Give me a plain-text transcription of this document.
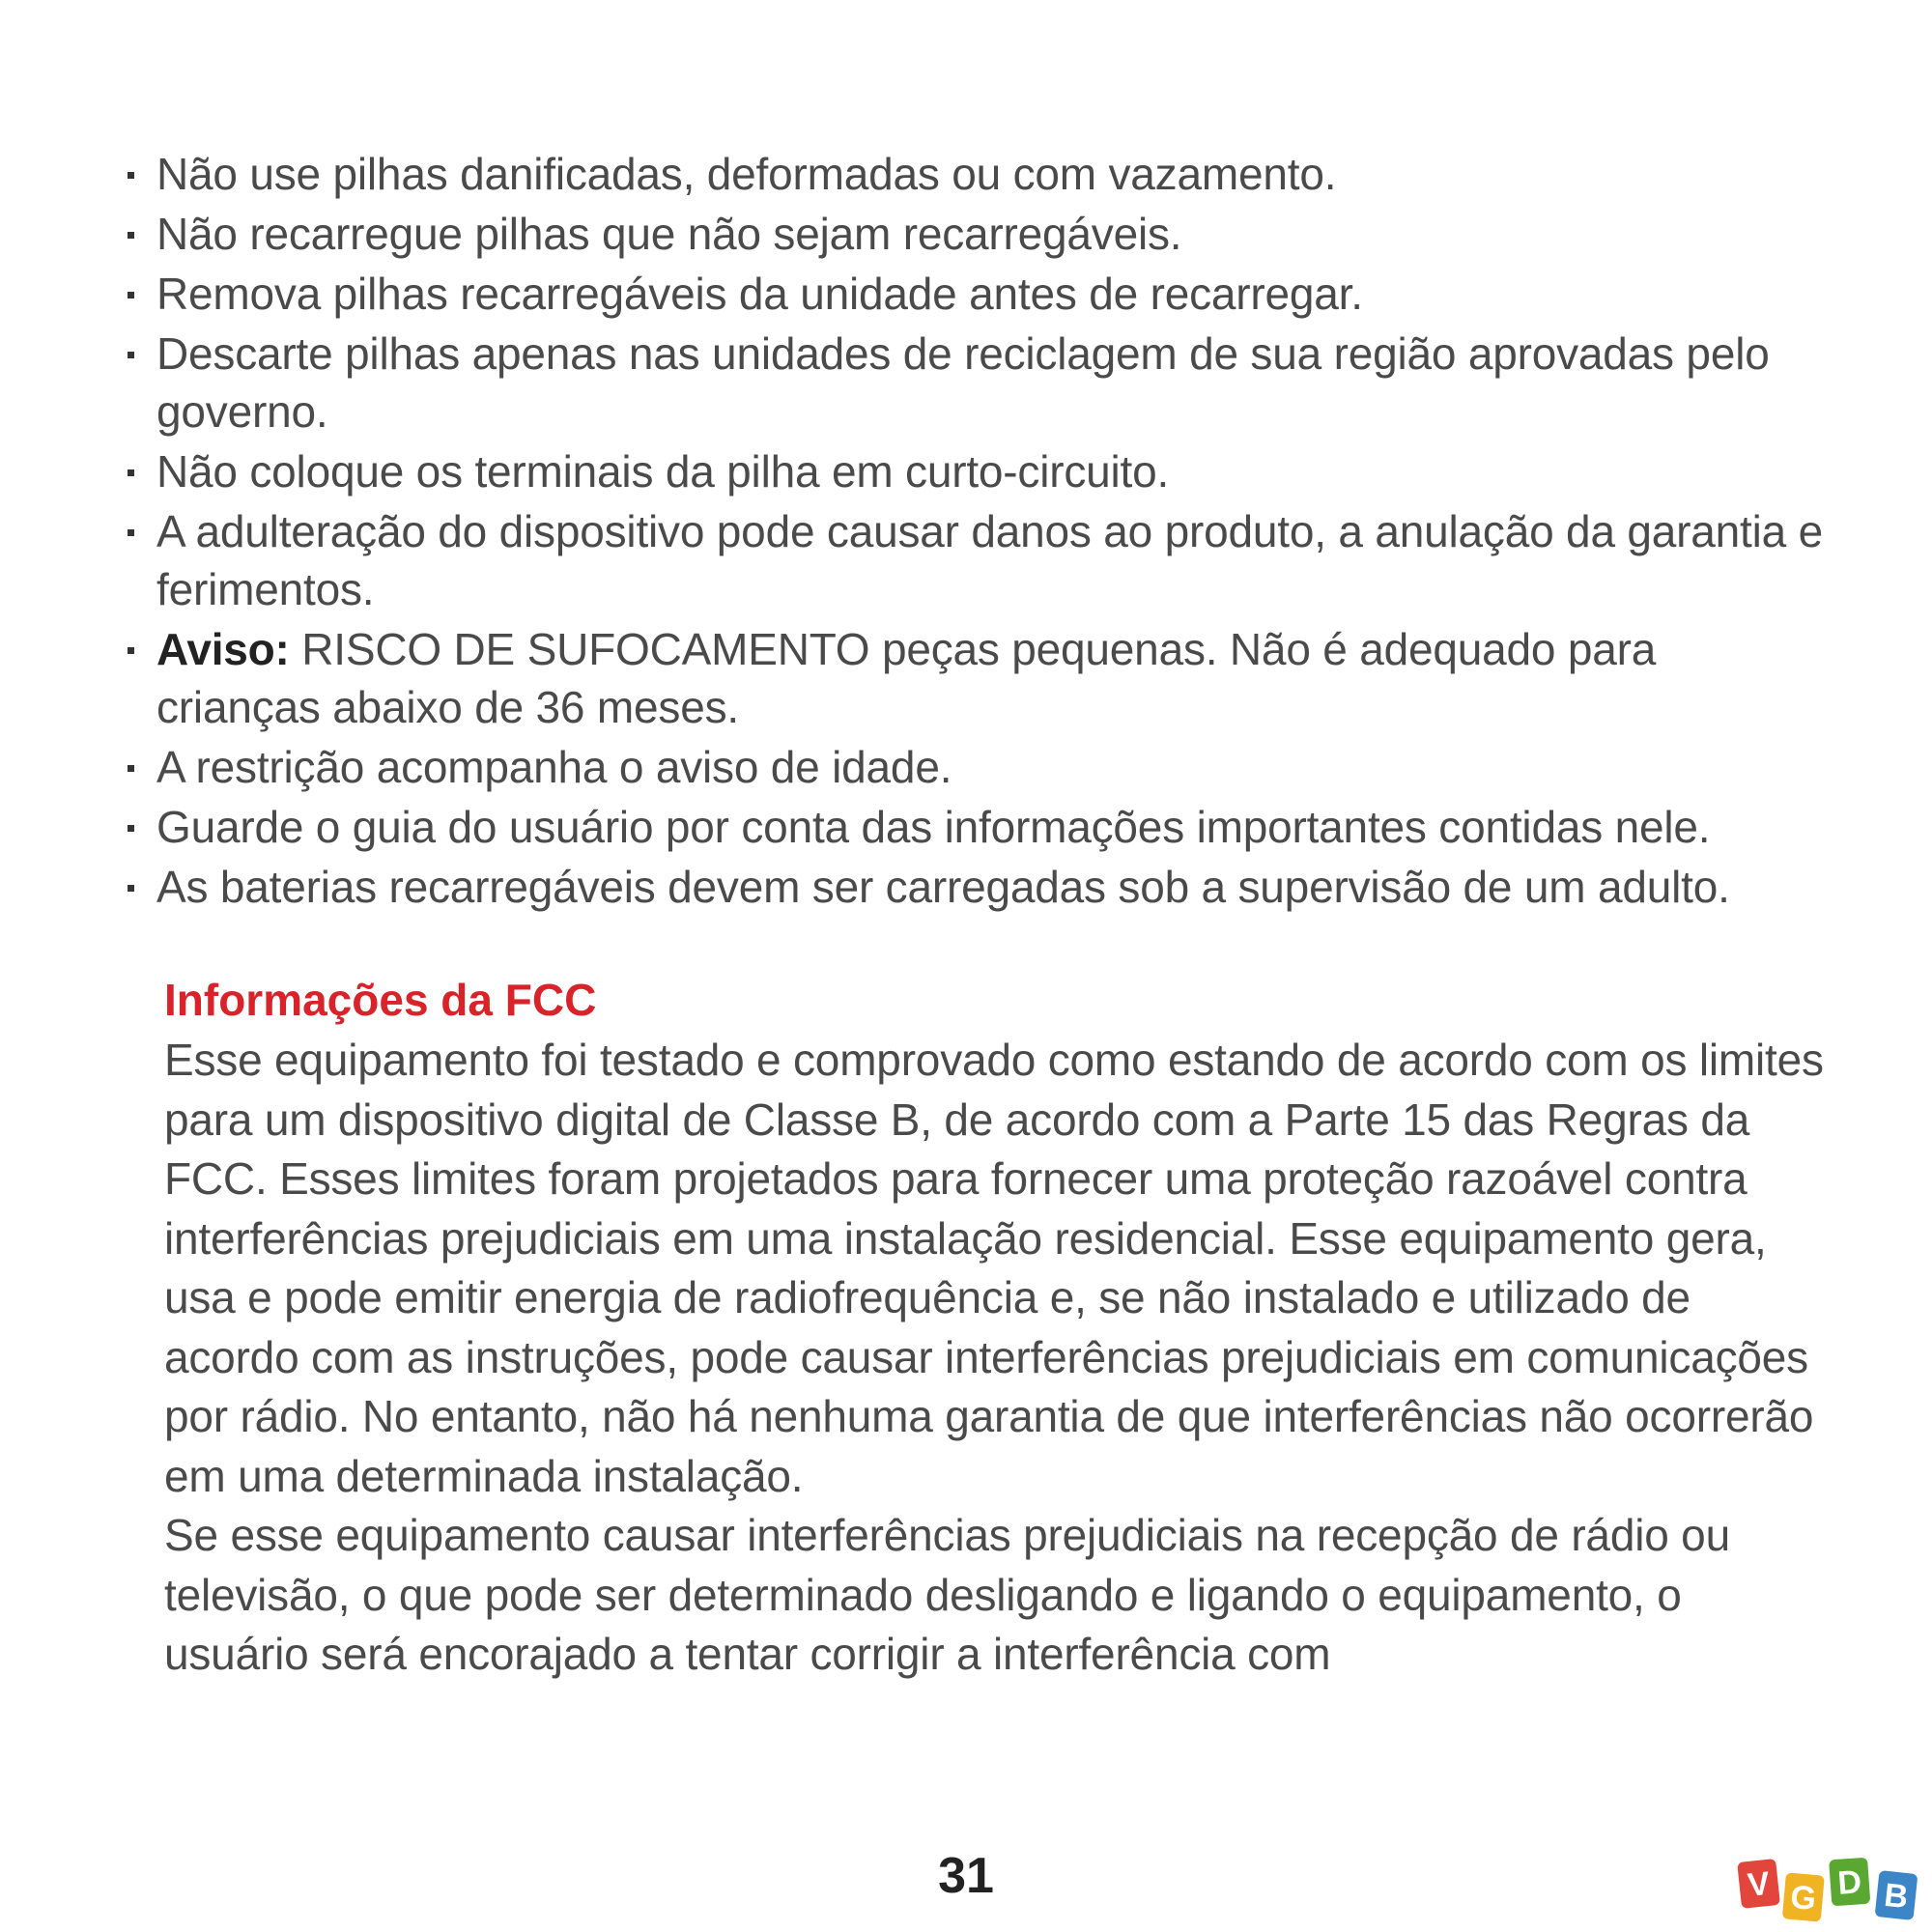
Não use pilhas danificadas, deformadas ou com vazamento.
Não recarregue pilhas que não sejam recarregáveis.
Remova pilhas recarregáveis da unidade antes de recarregar.
Descarte pilhas apenas nas unidades de reciclagem de sua região aprovadas pelo governo.
Não coloque os terminais da pilha em curto-circuito.
A adulteração do dispositivo pode causar danos ao produto, a anulação da garantia e ferimentos.
Aviso: RISCO DE SUFOCAMENTO peças pequenas. Não é adequado para crianças abaixo de 36 meses.
A restrição acompanha o aviso de idade.
Guarde o guia do usuário por conta das informações importantes contidas nele.
As baterias recarregáveis devem ser carregadas sob a supervisão de um adulto.
Informações da FCC

Esse equipamento foi testado e comprovado como estando de acordo com os limites para um dispositivo digital de Classe B, de acordo com a Parte 15 das Regras da FCC. Esses limites foram projetados para fornecer uma proteção razoável contra interferências prejudiciais em uma instalação residencial. Esse equipamento gera, usa e pode emitir energia de radiofrequência e, se não instalado e utilizado de acordo com as instruções, pode causar interferências prejudiciais em comunicações por rádio. No entanto, não há nenhuma garantia de que interferências não ocorrerão em uma determinada instalação.

Se esse equipamento causar interferências prejudiciais na recepção de rádio ou televisão, o que pode ser determinado desligando e ligando o equipamento, o usuário será encorajado a tentar corrigir a interferência com

31	V G D B
